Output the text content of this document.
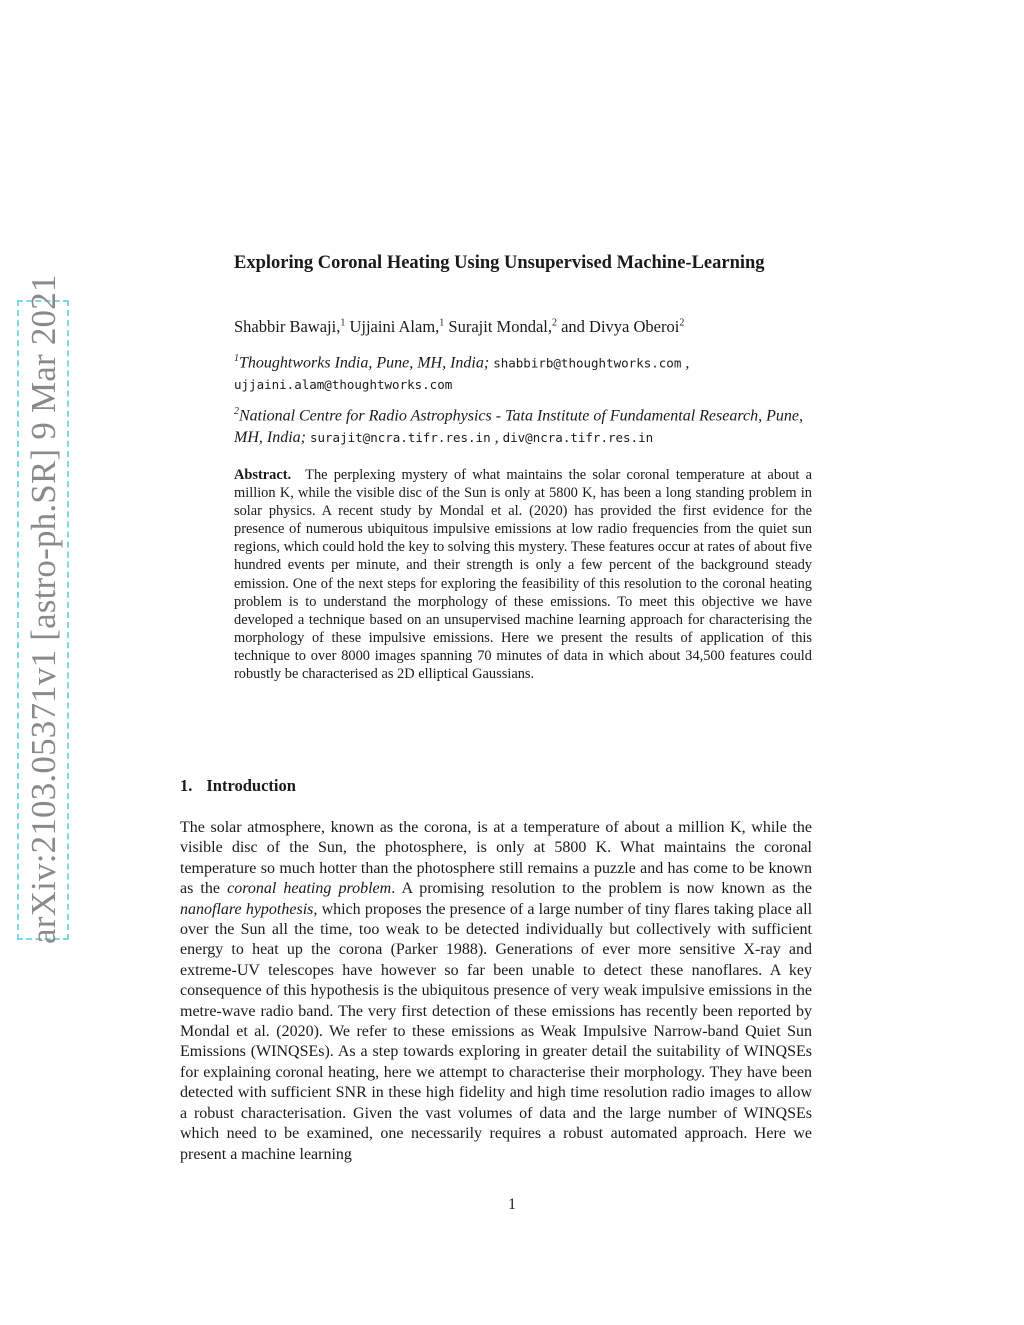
arXiv:2103.05371v1 [astro-ph.SR] 9 Mar 2021
Exploring Coronal Heating Using Unsupervised Machine-Learning
Shabbir Bawaji,$^1$ Ujjaini Alam,$^1$ Surajit Mondal,$^2$ and Divya Oberoi$^2$
$^1$Thoughtworks India, Pune, MH, India; shabbirb@thoughtworks.com ,
ujjaini.alam@thoughtworks.com
$^2$National Centre for Radio Astrophysics - Tata Institute of Fundamental Research, Pune, MH, India; surajit@ncra.tifr.res.in , div@ncra.tifr.res.in

Abstract. The perplexing mystery of what maintains the solar coronal temperature at about a million K, while the visible disc of the Sun is only at 5800 K, has been a long standing problem in solar physics. A recent study by Mondal et al. (2020) has provided the first evidence for the presence of numerous ubiquitous impulsive emissions at low radio frequencies from the quiet sun regions, which could hold the key to solving this mystery. These features occur at rates of about five hundred events per minute, and their strength is only a few percent of the background steady emission. One of the next steps for exploring the feasibility of this resolution to the coronal heating problem is to understand the morphology of these emissions. To meet this objective we have developed a technique based on an unsupervised machine learning approach for characterising the morphology of these impulsive emissions. Here we present the results of application of this technique to over 8000 images spanning 70 minutes of data in which about 34,500 features could robustly be characterised as 2D elliptical Gaussians.

1. Introduction

The solar atmosphere, known as the corona, is at a temperature of about a million K, while the visible disc of the Sun, the photosphere, is only at 5800 K. What maintains the coronal temperature so much hotter than the photosphere still remains a puzzle and has come to be known as the coronal heating problem. A promising resolution to the problem is now known as the nanoflare hypothesis, which proposes the presence of a large number of tiny flares taking place all over the Sun all the time, too weak to be detected individually but collectively with sufficient energy to heat up the corona (Parker 1988). Generations of ever more sensitive X-ray and extreme-UV telescopes have however so far been unable to detect these nanoflares. A key consequence of this hypothesis is the ubiquitous presence of very weak impulsive emissions in the metre-wave radio band. The very first detection of these emissions has recently been reported by Mondal et al. (2020). We refer to these emissions as Weak Impulsive Narrow-band Quiet Sun Emissions (WINQSEs). As a step towards exploring in greater detail the suitability of WINQSEs for explaining coronal heating, here we attempt to characterise their morphology. They have been detected with sufficient SNR in these high fidelity and high time resolution radio images to allow a robust characterisation. Given the vast volumes of data and the large number of WINQSEs which need to be examined, one necessarily requires a robust automated approach. Here we present a machine learning

1
